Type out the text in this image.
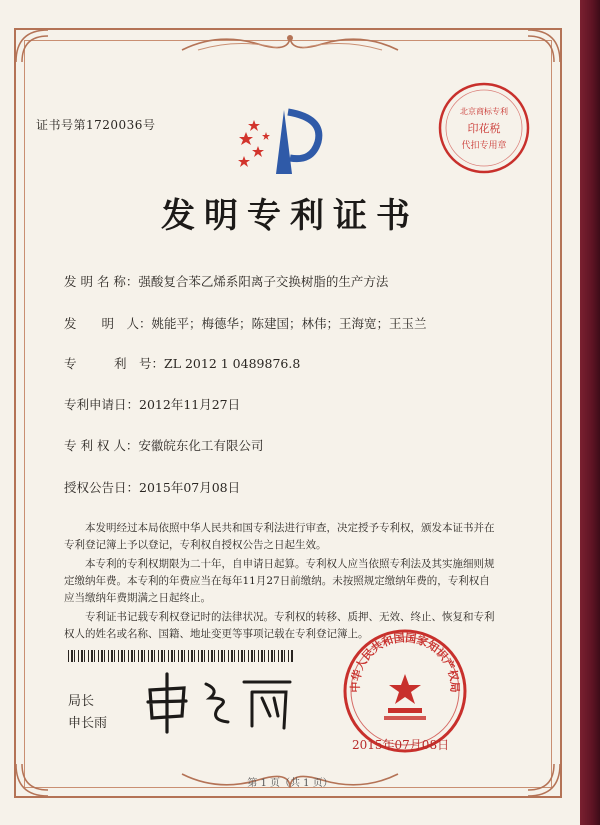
证书号第1720036号
北京商标专利
印花税
代扣专用章
发明专利证书
发 明 名 称：强酸复合苯乙烯系阳离子交换树脂的生产方法
发　　明　人：姚能平；梅德华；陈建国；林伟；王海宽；王玉兰
专　　　利　号：ZL 2012 1 0489876.8
专利申请日：2012年11月27日
专 利 权 人：安徽皖东化工有限公司
授权公告日：2015年07月08日

本发明经过本局依照中华人民共和国专利法进行审查，决定授予专利权，颁发本证书并在专利登记簿上予以登记，专利权自授权公告之日起生效。

本专利的专利权期限为二十年，自申请日起算。专利权人应当依照专利法及其实施细则规定缴纳年费。本专利的年费应当在每年11月27日前缴纳。未按照规定缴纳年费的，专利权自应当缴纳年费期满之日起终止。

专利证书记载专利权登记时的法律状况。专利权的转移、质押、无效、终止、恢复和专利权人的姓名或名称、国籍、地址变更等事项记载在专利登记簿上。

局长
申长雨
中华人民共和国国家知识产权局
2015年07月08日
第 1 页（共 1 页）
